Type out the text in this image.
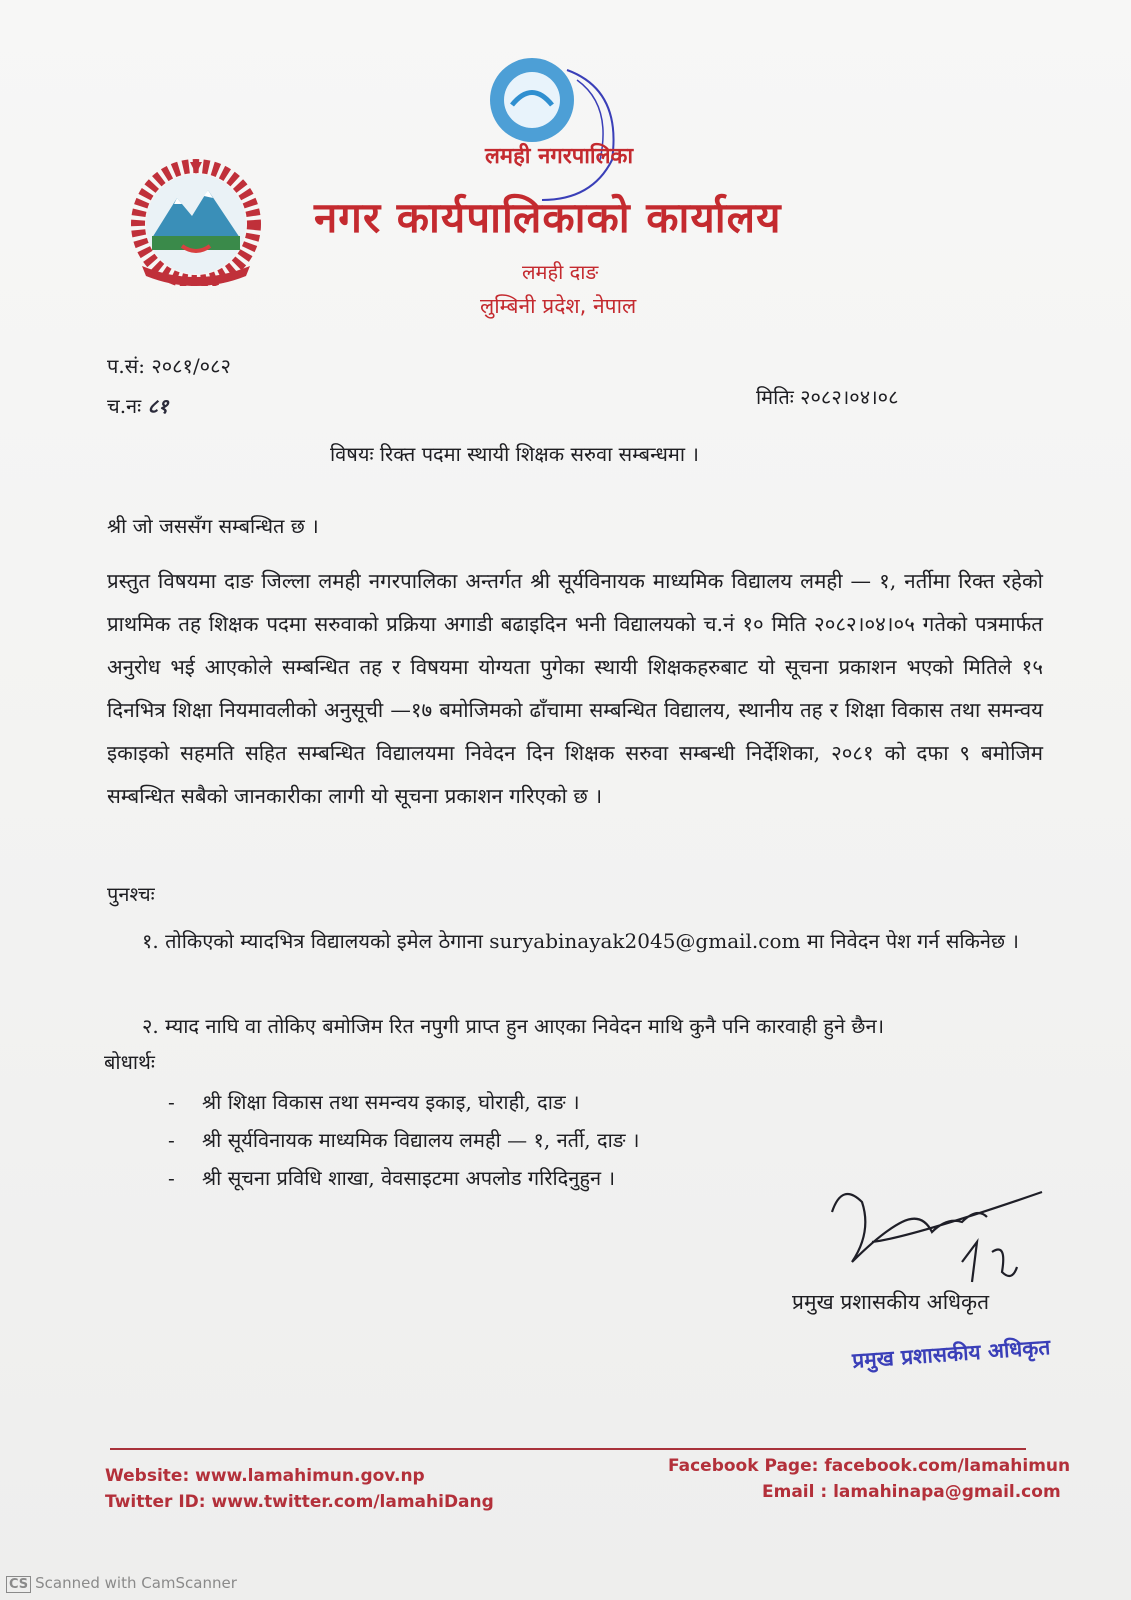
लमही नगरपालिका
नगर कार्यपालिकाको कार्यालय
लमही दाङ
लुम्बिनी प्रदेश, नेपाल
प.सं: २०८१/०८२
च.नः ८१	मितिः २०८२।०४।०८
विषयः रिक्त पदमा स्थायी शिक्षक सरुवा सम्बन्धमा ।
श्री जो जससँग सम्बन्धित छ ।
प्रस्तुत विषयमा दाङ जिल्ला लमही नगरपालिका अन्तर्गत श्री सूर्यविनायक माध्यमिक विद्यालय लमही — १, नर्तीमा रिक्त रहेको प्राथमिक तह शिक्षक पदमा सरुवाको प्रक्रिया अगाडी बढाइदिन भनी विद्यालयको च.नं १० मिति २०८२।०४।०५ गतेको पत्रमार्फत अनुरोध भई आएकोले सम्बन्धित तह र विषयमा योग्यता पुगेका स्थायी शिक्षकहरुबाट यो सूचना प्रकाशन भएको मितिले १५ दिनभित्र शिक्षा नियमावलीको अनुसूची —१७ बमोजिमको ढाँचामा सम्बन्धित विद्यालय, स्थानीय तह र शिक्षा विकास तथा समन्वय इकाइको सहमति सहित सम्बन्धित विद्यालयमा निवेदन दिन शिक्षक सरुवा सम्बन्धी निर्देशिका, २०८१ को दफा ९ बमोजिम सम्बन्धित सबैको जानकारीका लागी यो सूचना प्रकाशन गरिएको छ ।
पुनश्चः
१. तोकिएको म्यादभित्र विद्यालयको इमेल ठेगाना suryabinayak2045@gmail.com मा निवेदन पेश गर्न सकिनेछ ।
२. म्याद नाघि वा तोकिए बमोजिम रित नपुगी प्राप्त हुन आएका निवेदन माथि कुनै पनि कारवाही हुने छैन।
बोधार्थः
- श्री शिक्षा विकास तथा समन्वय इकाइ, घोराही, दाङ ।
- श्री सूर्यविनायक माध्यमिक विद्यालय लमही — १, नर्ती, दाङ ।
- श्री सूचना प्रविधि शाखा, वेवसाइटमा अपलोड गरिदिनुहुन ।
प्रमुख प्रशासकीय अधिकृत
प्रमुख प्रशासकीय अधिकृत
Website: www.lamahimun.gov.np
Twitter ID: www.twitter.com/lamahiDang
Facebook Page: facebook.com/lamahimun
Email : lamahinapa@gmail.com
CS Scanned with CamScanner
